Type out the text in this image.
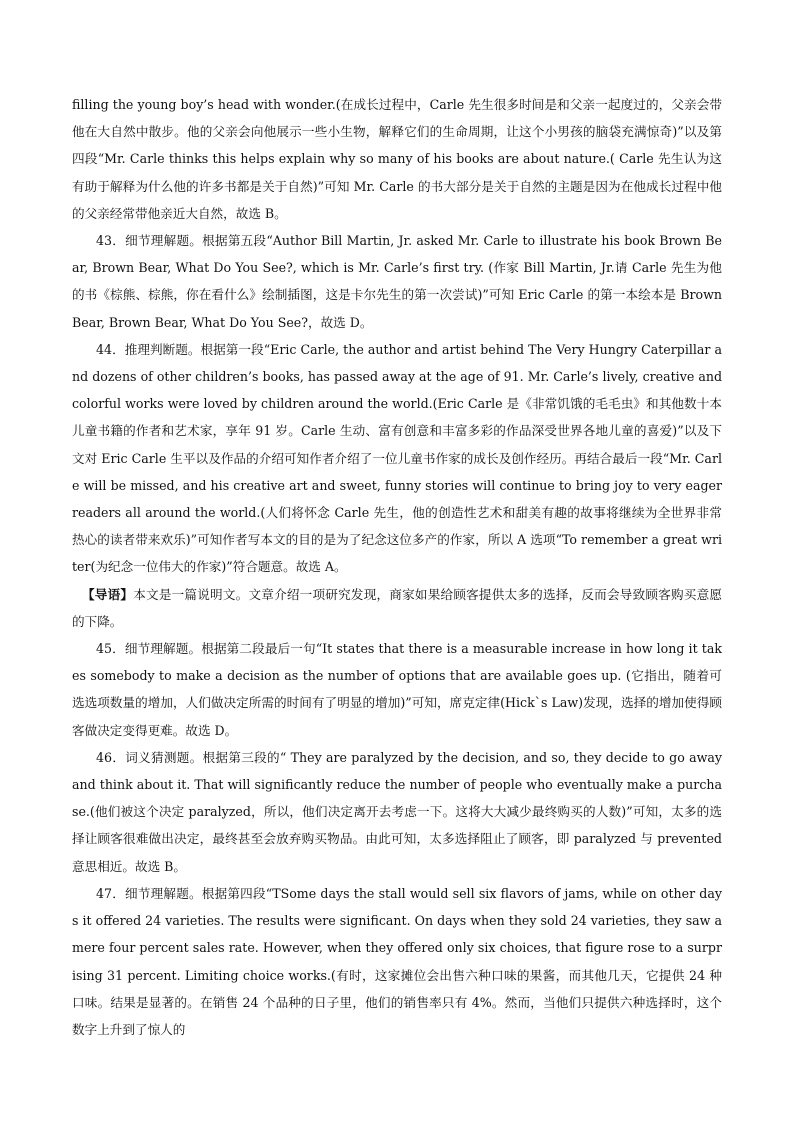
filling the young boy’s head with wonder.(在成长过程中，Carle 先生很多时间是和父亲一起度过的，父亲会带他在大自然中散步。他的父亲会向他展示一些小生物，解释它们的生命周期，让这个小男孩的脑袋充满惊奇)”以及第四段“Mr. Carle thinks this helps explain why so many of his books are about nature.( Carle 先生认为这有助于解释为什么他的许多书都是关于自然)”可知 Mr. Carle 的书大部分是关于自然的主题是因为在他成长过程中他的父亲经常带他亲近大自然，故选 B。

43．细节理解题。根据第五段“Author Bill Martin, Jr. asked Mr. Carle to illustrate his book Brown Bear, Brown Bear, What Do You See?, which is Mr. Carle’s first try. (作家 Bill Martin, Jr.请 Carle 先生为他的书《棕熊、棕熊，你在看什么》绘制插图，这是卡尔先生的第一次尝试)”可知 Eric Carle 的第一本绘本是 Brown Bear, Brown Bear, What Do You See?，故选 D。

44．推理判断题。根据第一段“Eric Carle, the author and artist behind The Very Hungry Caterpillar and dozens of other children’s books, has passed away at the age of 91. Mr. Carle’s lively, creative and colorful works were loved by children around the world.(Eric Carle 是《非常饥饿的毛毛虫》和其他数十本儿童书籍的作者和艺术家，享年 91 岁。Carle 生动、富有创意和丰富多彩的作品深受世界各地儿童的喜爱)”以及下文对 Eric Carle 生平以及作品的介绍可知作者介绍了一位儿童书作家的成长及创作经历。再结合最后一段“Mr. Carle will be missed, and his creative art and sweet, funny stories will continue to bring joy to very eager readers all around the world.(人们将怀念 Carle 先生，他的创造性艺术和甜美有趣的故事将继续为全世界非常热心的读者带来欢乐)”可知作者写本文的目的是为了纪念这位多产的作家，所以 A 选项“To remember a great writer(为纪念一位伟大的作家)”符合题意。故选 A。

【导语】本文是一篇说明文。文章介绍一项研究发现，商家如果给顾客提供太多的选择，反而会导致顾客购买意愿的下降。

45．细节理解题。根据第二段最后一句“It states that there is a measurable increase in how long it takes somebody to make a decision as the number of options that are available goes up. (它指出，随着可选选项数量的增加，人们做决定所需的时间有了明显的增加)”可知，席克定律(Hick`s Law)发现，选择的增加使得顾客做决定变得更难。故选 D。

46．词义猜测题。根据第三段的“ They are paralyzed by the decision, and so, they decide to go away and think about it. That will significantly reduce the number of people who eventually make a purchase.(他们被这个决定 paralyzed，所以，他们决定离开去考虑一下。这将大大减少最终购买的人数)”可知，太多的选择让顾客很难做出决定，最终甚至会放弃购买物品。由此可知，太多选择阻止了顾客，即 paralyzed 与 prevented 意思相近。故选 B。

47．细节理解题。根据第四段“TSome days the stall would sell six flavors of jams, while on other days it offered 24 varieties. The results were significant. On days when they sold 24 varieties, they saw a mere four percent sales rate. However, when they offered only six choices, that figure rose to a surprising 31 percent. Limiting choice works.(有时，这家摊位会出售六种口味的果酱，而其他几天，它提供 24 种口味。结果是显著的。在销售 24 个品种的日子里，他们的销售率只有 4%。然而，当他们只提供六种选择时，这个数字上升到了惊人的
